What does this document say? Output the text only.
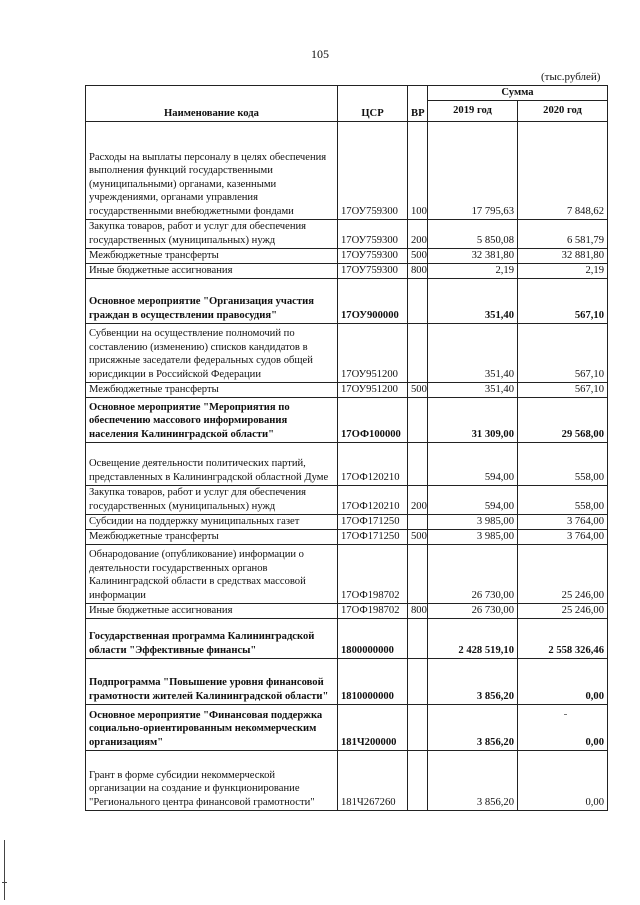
105
(тыс.рублей)
Наименование кода	ЦСР	ВР	Сумма	
			2019 год	2020 год
Расходы на выплаты персоналу в целях обеспечения выполнения функций государственными (муниципальными) органами, казенными учреждениями, органами управления государственными внебюджетными фондами	17ОУ759300	100	17 795,63	7 848,62
Закупка товаров, работ и услуг для обеспечения государственных (муниципальных) нужд	17ОУ759300	200	5 850,08	6 581,79
Межбюджетные трансферты	17ОУ759300	500	32 381,80	32 881,80
Иные бюджетные ассигнования	17ОУ759300	800	2,19	2,19
Основное мероприятие "Организация участия граждан в осуществлении правосудия"	17ОУ900000		351,40	567,10
Субвенции на осуществление полномочий по составлению (изменению) списков кандидатов в присяжные заседатели федеральных судов общей юрисдикции в Российской Федерации	17ОУ951200		351,40	567,10
Межбюджетные трансферты	17ОУ951200	500	351,40	567,10
Основное мероприятие "Мероприятия по обеспечению массового информирования населения Калининградской области"	17ОФ100000		31 309,00	29 568,00
Освещение деятельности политических партий, представленных в Калининградской областной Думе	17ОФ120210		594,00	558,00
Закупка товаров, работ и услуг для обеспечения государственных (муниципальных) нужд	17ОФ120210	200	594,00	558,00
Субсидии на поддержку муниципальных газет	17ОФ171250		3 985,00	3 764,00
Межбюджетные трансферты	17ОФ171250	500	3 985,00	3 764,00
Обнародование (опубликование) информации о деятельности государственных органов Калининградской области в средствах массовой информации	17ОФ198702		26 730,00	25 246,00
Иные бюджетные ассигнования	17ОФ198702	800	26 730,00	25 246,00
Государственная программа Калининградской области "Эффективные финансы"	1800000000		2 428 519,10	2 558 326,46
Подпрограмма "Повышение уровня финансовой грамотности жителей Калининградской области"	1810000000		3 856,20	0,00
Основное мероприятие "Финансовая поддержка социально-ориентированным некоммерческим организациям"	181Ч200000		3 856,20	0,00
Грант в форме субсидии некоммерческой организации на создание и функционирование "Регионального центра финансовой грамотности"	181Ч267260		3 856,20	0,00
